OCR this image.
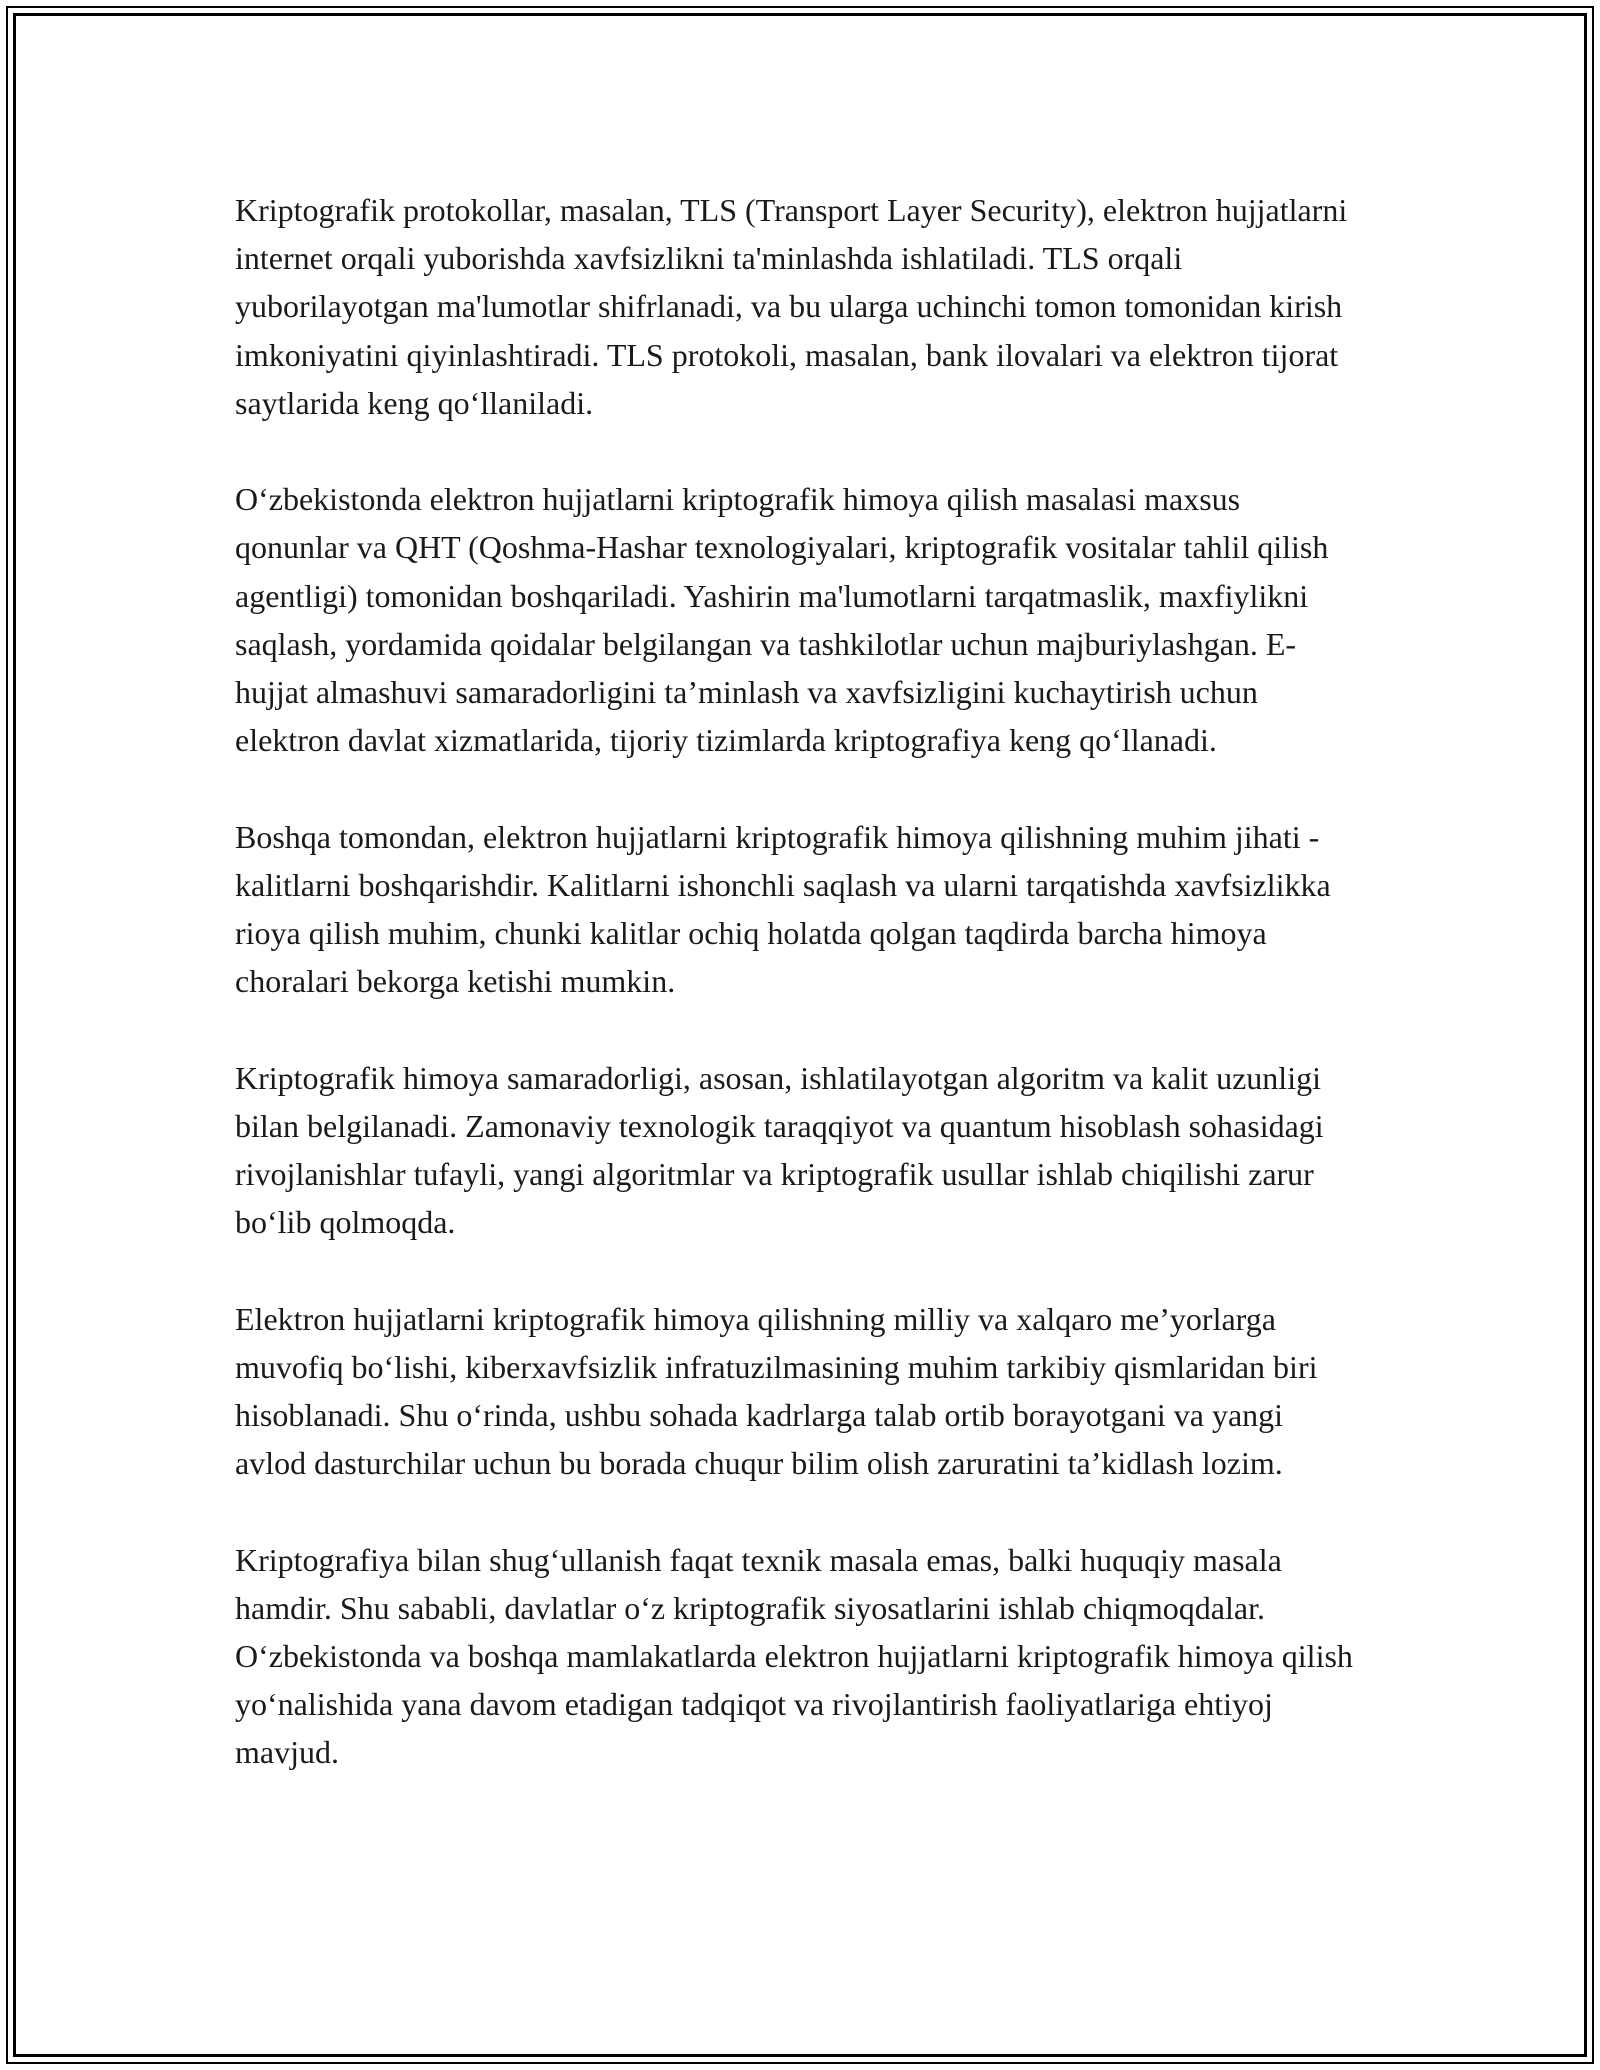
Kriptografik protokollar, masalan, TLS (Transport Layer Security), elektron hujjatlarni internet orqali yuborishda xavfsizlikni ta'minlashda ishlatiladi. TLS orqali yuborilayotgan ma'lumotlar shifrlanadi, va bu ularga uchinchi tomon tomonidan kirish imkoniyatini qiyinlashtiradi. TLS protokoli, masalan, bank ilovalari va elektron tijorat saytlarida keng qo‘llaniladi.

O‘zbekistonda elektron hujjatlarni kriptografik himoya qilish masalasi maxsus qonunlar va QHT (Qoshma-Hashar texnologiyalari, kriptografik vositalar tahlil qilish agentligi) tomonidan boshqariladi. Yashirin ma'lumotlarni tarqatmaslik, maxfiylikni saqlash, yordamida qoidalar belgilangan va tashkilotlar uchun majburiylashgan. E-hujjat almashuvi samaradorligini ta’minlash va xavfsizligini kuchaytirish uchun elektron davlat xizmatlarida, tijoriy tizimlarda kriptografiya keng qo‘llanadi.

Boshqa tomondan, elektron hujjatlarni kriptografik himoya qilishning muhim jihati - kalitlarni boshqarishdir. Kalitlarni ishonchli saqlash va ularni tarqatishda xavfsizlikka rioya qilish muhim, chunki kalitlar ochiq holatda qolgan taqdirda barcha himoya choralari bekorga ketishi mumkin.

Kriptografik himoya samaradorligi, asosan, ishlatilayotgan algoritm va kalit uzunligi bilan belgilanadi. Zamonaviy texnologik taraqqiyot va quantum hisoblash sohasidagi rivojlanishlar tufayli, yangi algoritmlar va kriptografik usullar ishlab chiqilishi zarur bo‘lib qolmoqda.

Elektron hujjatlarni kriptografik himoya qilishning milliy va xalqaro me’yorlarga muvofiq bo‘lishi, kiberxavfsizlik infratuzilmasining muhim tarkibiy qismlaridan biri hisoblanadi. Shu o‘rinda, ushbu sohada kadrlarga talab ortib borayotgani va yangi avlod dasturchilar uchun bu borada chuqur bilim olish zaruratini ta’kidlash lozim.

Kriptografiya bilan shug‘ullanish faqat texnik masala emas, balki huquqiy masala hamdir. Shu sababli, davlatlar o‘z kriptografik siyosatlarini ishlab chiqmoqdalar. O‘zbekistonda va boshqa mamlakatlarda elektron hujjatlarni kriptografik himoya qilish yo‘nalishida yana davom etadigan tadqiqot va rivojlantirish faoliyatlariga ehtiyoj mavjud.
